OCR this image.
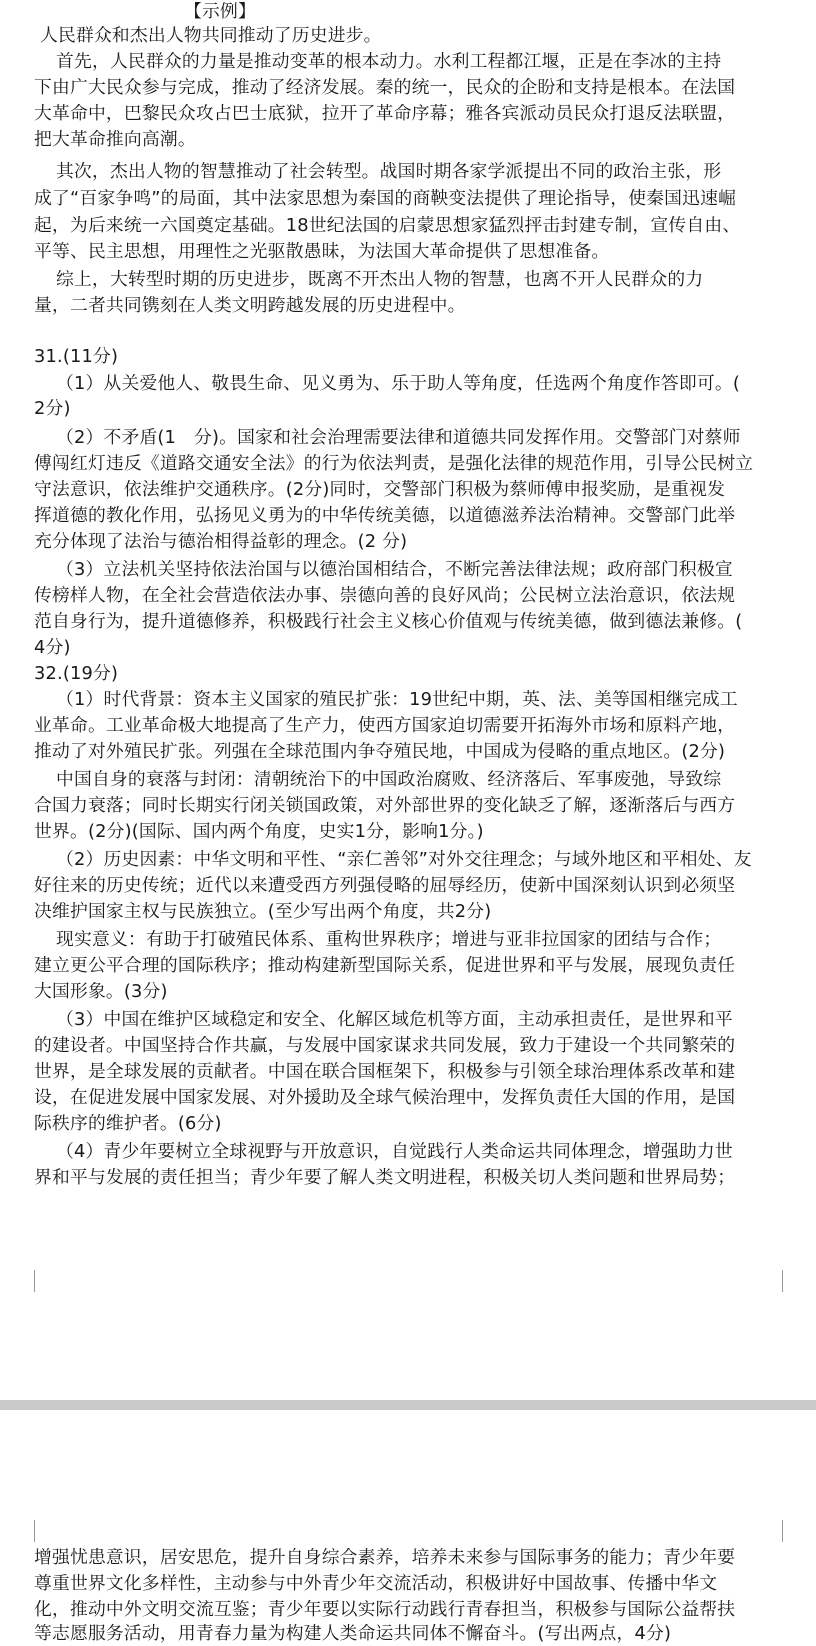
【示例】
人民群众和杰出人物共同推动了历史进步。
首先，人民群众的力量是推动变革的根本动力。水利工程都江堰，正是在李冰的主持
下由广大民众参与完成，推动了经济发展。秦的统一，民众的企盼和支持是根本。在法国
大革命中，巴黎民众攻占巴士底狱，拉开了革命序幕；雅各宾派动员民众打退反法联盟，
把大革命推向高潮。
其次，杰出人物的智慧推动了社会转型。战国时期各家学派提出不同的政治主张，形
成了“百家争鸣”的局面，其中法家思想为秦国的商鞅变法提供了理论指导，使秦国迅速崛
起，为后来统一六国奠定基础。18世纪法国的启蒙思想家猛烈抨击封建专制，宣传自由、
平等、民主思想，用理性之光驱散愚昧，为法国大革命提供了思想准备。
综上，大转型时期的历史进步，既离不开杰出人物的智慧，也离不开人民群众的力
量，二者共同镌刻在人类文明跨越发展的历史进程中。
31.(11分)
（1）从关爱他人、敬畏生命、见义勇为、乐于助人等角度，任选两个角度作答即可。(
2分)
（2）不矛盾(1　分)。国家和社会治理需要法律和道德共同发挥作用。交警部门对蔡师
傅闯红灯违反《道路交通安全法》的行为依法判责，是强化法律的规范作用，引导公民树立
守法意识，依法维护交通秩序。(2分)同时，交警部门积极为蔡师傅申报奖励，是重视发
挥道德的教化作用，弘扬见义勇为的中华传统美德，以道德滋养法治精神。交警部门此举
充分体现了法治与德治相得益彰的理念。(2 分)
（3）立法机关坚持依法治国与以德治国相结合，不断完善法律法规；政府部门积极宣
传榜样人物，在全社会营造依法办事、崇德向善的良好风尚；公民树立法治意识，依法规
范自身行为，提升道德修养，积极践行社会主义核心价值观与传统美德，做到德法兼修。(
4分)
32.(19分)
（1）时代背景：资本主义国家的殖民扩张：19世纪中期，英、法、美等国相继完成工
业革命。工业革命极大地提高了生产力，使西方国家迫切需要开拓海外市场和原料产地，
推动了对外殖民扩张。列强在全球范围内争夺殖民地，中国成为侵略的重点地区。(2分)
中国自身的衰落与封闭：清朝统治下的中国政治腐败、经济落后、军事废弛，导致综
合国力衰落；同时长期实行闭关锁国政策，对外部世界的变化缺乏了解，逐渐落后与西方
世界。(2分)(国际、国内两个角度，史实1分，影响1分。)
（2）历史因素：中华文明和平性、“亲仁善邻”对外交往理念；与域外地区和平相处、友
好往来的历史传统；近代以来遭受西方列强侵略的屈辱经历，使新中国深刻认识到必须坚
决维护国家主权与民族独立。(至少写出两个角度，共2分)
现实意义：有助于打破殖民体系、重构世界秩序；增进与亚非拉国家的团结与合作；
建立更公平合理的国际秩序；推动构建新型国际关系，促进世界和平与发展，展现负责任
大国形象。(3分)
（3）中国在维护区域稳定和安全、化解区域危机等方面，主动承担责任，是世界和平
的建设者。中国坚持合作共赢，与发展中国家谋求共同发展，致力于建设一个共同繁荣的
世界，是全球发展的贡献者。中国在联合国框架下，积极参与引领全球治理体系改革和建
设，在促进发展中国家发展、对外援助及全球气候治理中，发挥负责任大国的作用，是国
际秩序的维护者。(6分)
（4）青少年要树立全球视野与开放意识，自觉践行人类命运共同体理念，增强助力世
界和平与发展的责任担当；青少年要了解人类文明进程，积极关切人类问题和世界局势；
增强忧患意识，居安思危，提升自身综合素养，培养未来参与国际事务的能力；青少年要
尊重世界文化多样性，主动参与中外青少年交流活动，积极讲好中国故事、传播中华文
化，推动中外文明交流互鉴；青少年要以实际行动践行青春担当，积极参与国际公益帮扶
等志愿服务活动，用青春力量为构建人类命运共同体不懈奋斗。(写出两点，4分)
